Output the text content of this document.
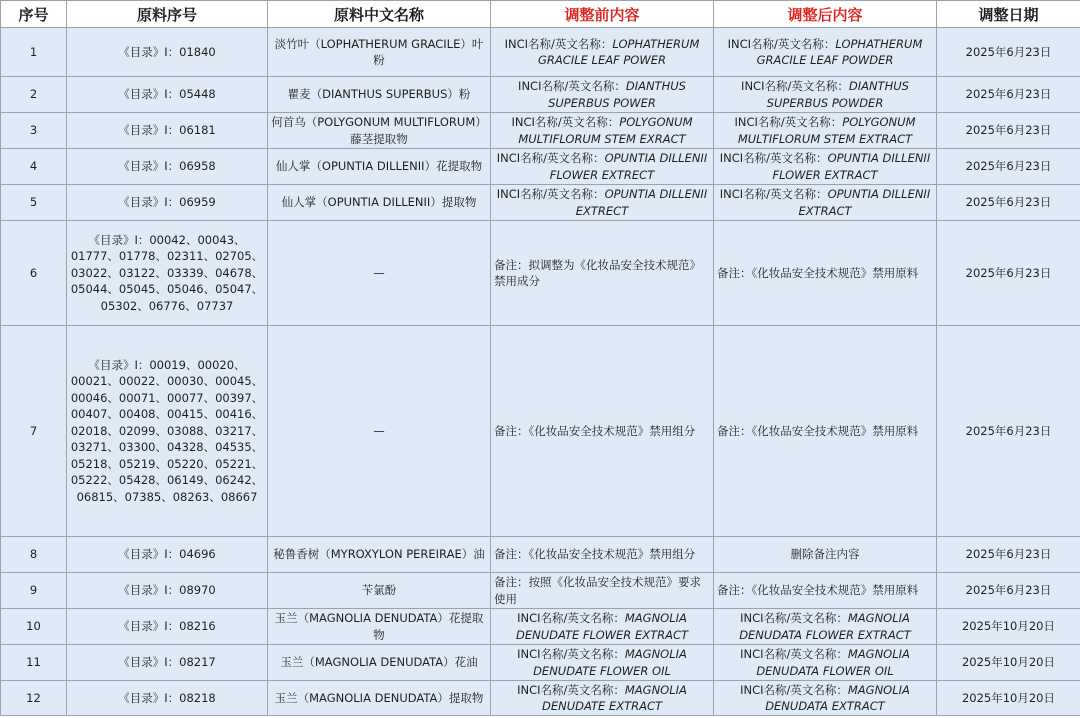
序号	原料序号	原料中文名称	调整前内容	调整后内容	调整日期
1	《目录》I：01840	淡竹叶（LOPHATHERUM GRACILE）叶粉	INCI名称/英文名称：LOPHATHERUM GRACILE LEAF POWER	INCI名称/英文名称：LOPHATHERUM GRACILE LEAF POWDER	2025年6月23日
2	《目录》I：05448	瞿麦（DIANTHUS SUPERBUS）粉	INCI名称/英文名称：DIANTHUS SUPERBUS POWER	INCI名称/英文名称：DIANTHUS SUPERBUS POWDER	2025年6月23日
3	《目录》I：06181	何首乌（POLYGONUM MULTIFLORUM）藤茎提取物	INCI名称/英文名称：POLYGONUM MULTIFLORUM STEM EXRACT	INCI名称/英文名称：POLYGONUM MULTIFLORUM STEM EXTRACT	2025年6月23日
4	《目录》I：06958	仙人掌（OPUNTIA DILLENII）花提取物	INCI名称/英文名称：OPUNTIA DILLENII FLOWER EXTRECT	INCI名称/英文名称：OPUNTIA DILLENII FLOWER EXTRACT	2025年6月23日
5	《目录》I：06959	仙人掌（OPUNTIA DILLENII）提取物	INCI名称/英文名称：OPUNTIA DILLENII EXTRECT	INCI名称/英文名称：OPUNTIA DILLENII EXTRACT	2025年6月23日
6	《目录》I：00042、00043、01777、01778、02311、02705、03022、03122、03339、04678、05044、05045、05046、05047、05302、06776、07737	—	备注：拟调整为《化妆品安全技术规范》禁用成分	备注：《化妆品安全技术规范》禁用原料	2025年6月23日
7	《目录》I：00019、00020、00021、00022、00030、00045、00046、00071、00077、00397、00407、00408、00415、00416、02018、02099、03088、03217、03271、03300、04328、04535、05218、05219、05220、05221、05222、05428、06149、06242、06815、07385、08263、08667	—	备注：《化妆品安全技术规范》禁用组分	备注：《化妆品安全技术规范》禁用原料	2025年6月23日
8	《目录》I：04696	秘鲁香树（MYROXYLON PEREIRAE）油	备注：《化妆品安全技术规范》禁用组分	删除备注内容	2025年6月23日
9	《目录》I：08970	苄氯酚	备注：按照《化妆品安全技术规范》要求使用	备注：《化妆品安全技术规范》禁用原料	2025年6月23日
10	《目录》I：08216	玉兰（MAGNOLIA DENUDATA）花提取物	INCI名称/英文名称：MAGNOLIA DENUDATE FLOWER EXTRACT	INCI名称/英文名称：MAGNOLIA DENUDATA FLOWER EXTRACT	2025年10月20日
11	《目录》I：08217	玉兰（MAGNOLIA DENUDATA）花油	INCI名称/英文名称：MAGNOLIA DENUDATE FLOWER OIL	INCI名称/英文名称：MAGNOLIA DENUDATA FLOWER OIL	2025年10月20日
12	《目录》I：08218	玉兰（MAGNOLIA DENUDATA）提取物	INCI名称/英文名称：MAGNOLIA DENUDATE EXTRACT	INCI名称/英文名称：MAGNOLIA DENUDATA EXTRACT	2025年10月20日
